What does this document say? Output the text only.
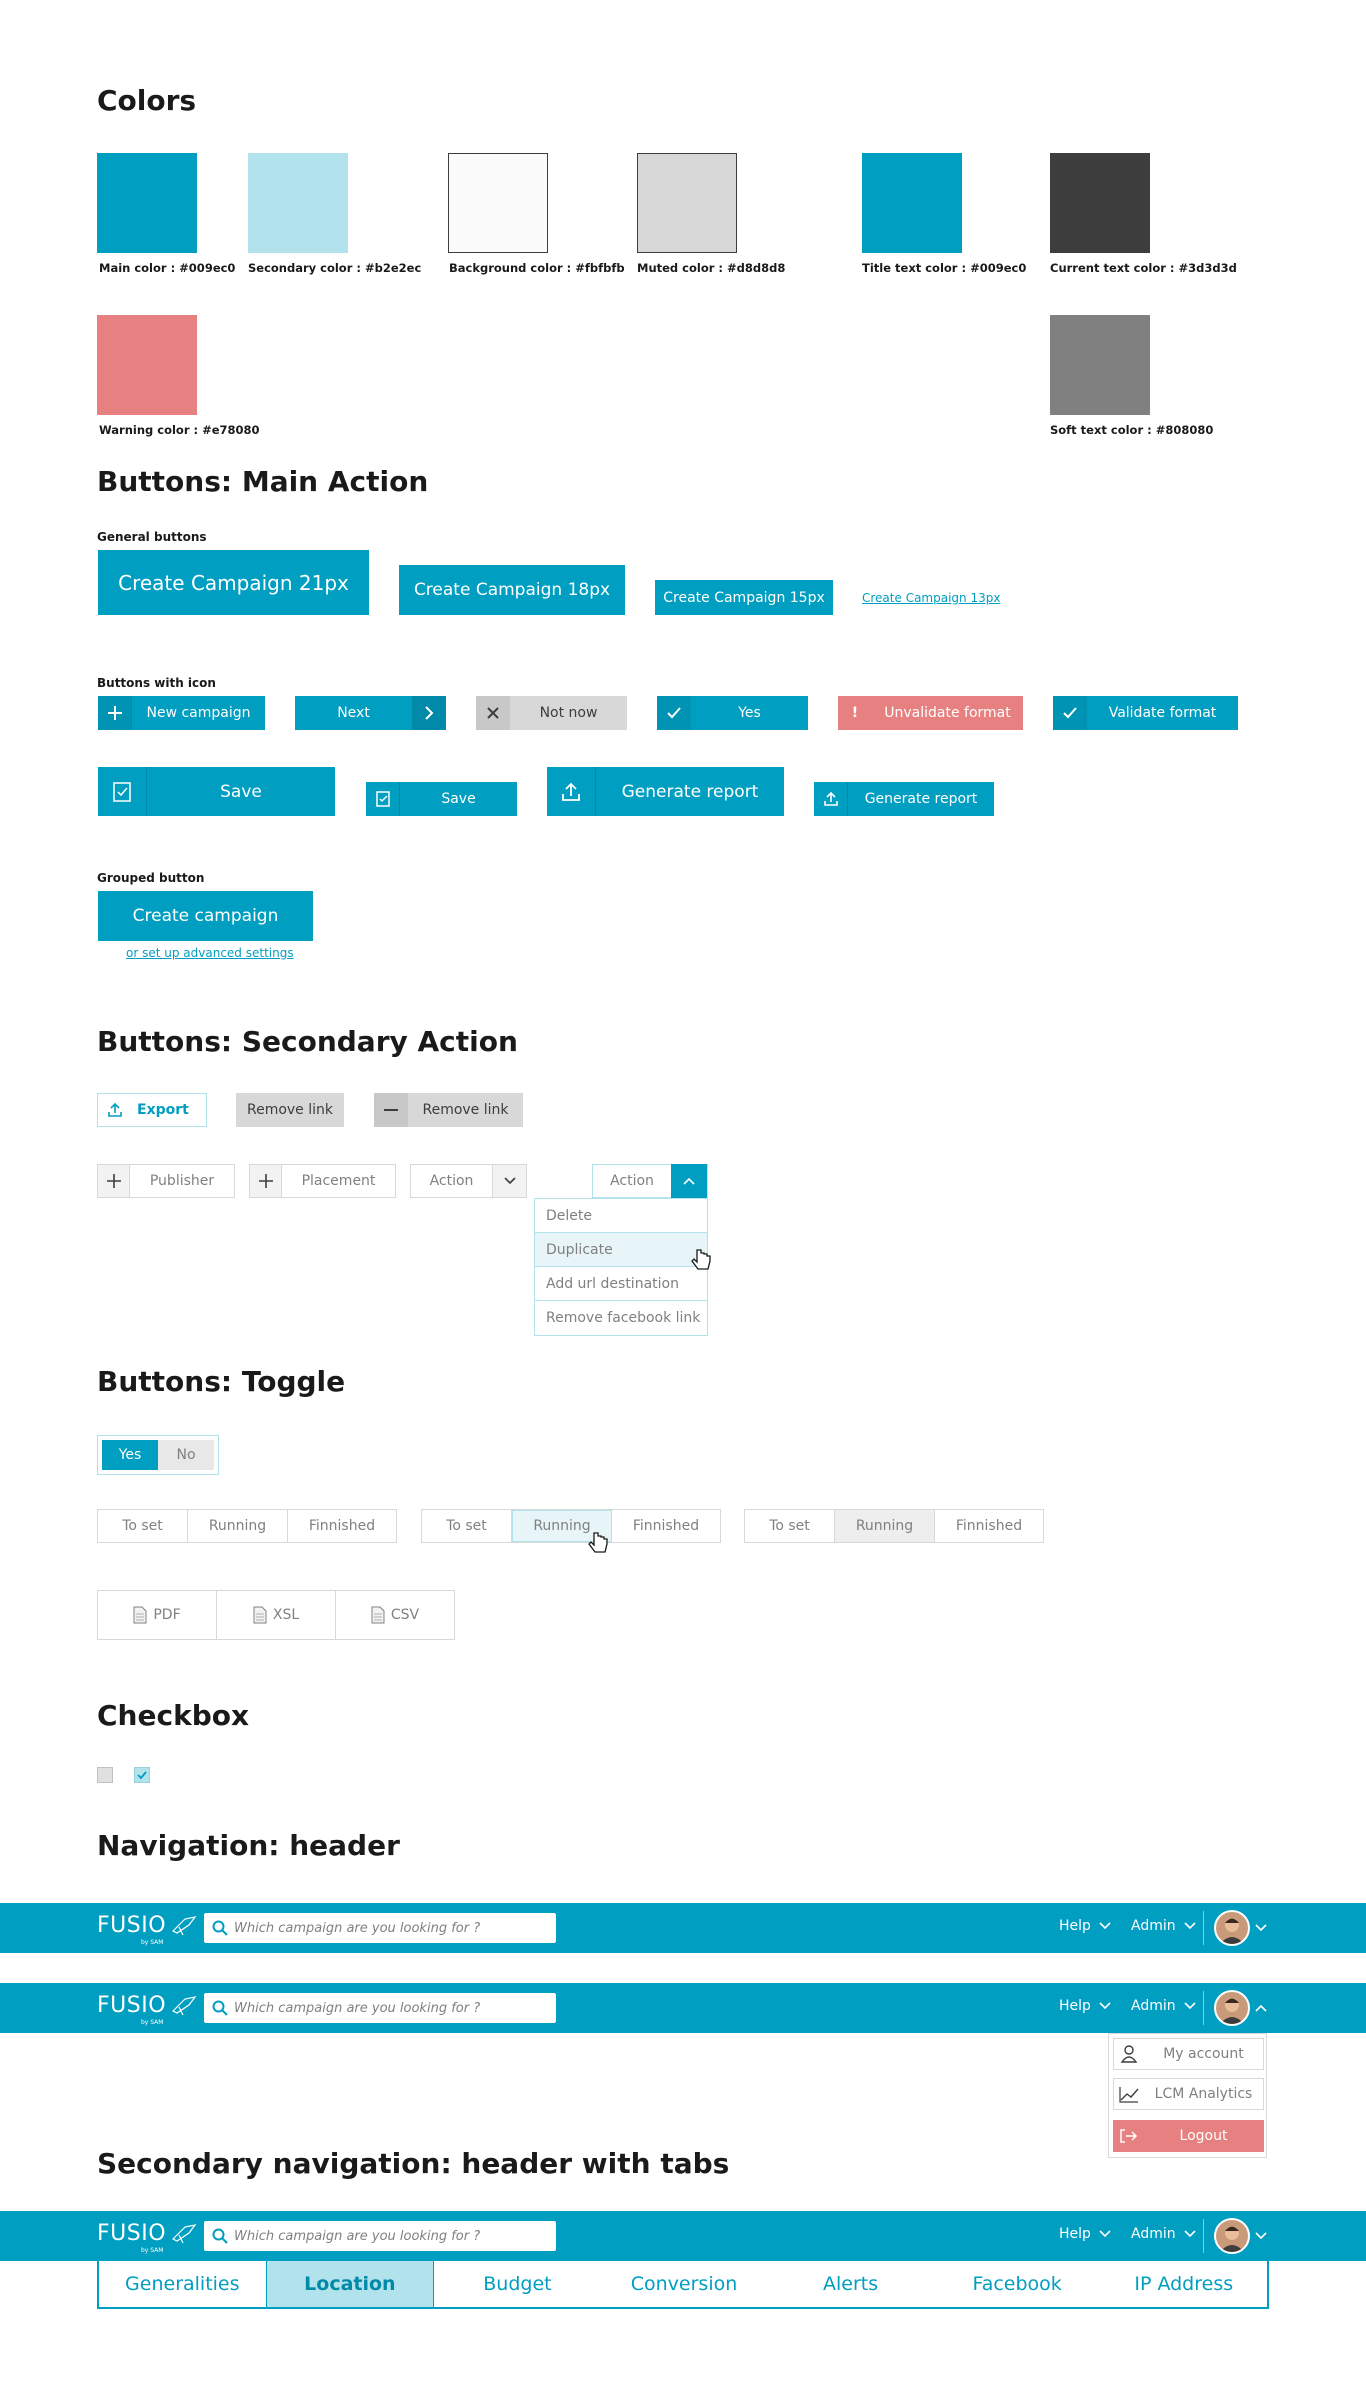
Colors
Main color : #009ec0 Secondary color : #b2e2ec Background color : #fbfbfb Muted color : #d8d8d8	Title text color : #009ec0 Current text color : #3d3d3d
Warning color : #e78080	Soft text color : #808080
Buttons: Main Action
General buttons
Create Campaign 21px	Create Campaign 18px	Create Campaign 15px	Create Campaign 13px
Buttons with icon
New campaign	Next	Not now	Yes	!	Unvalidate format	Validate format
Save	Save	Generate report	Generate report
Grouped button
Create campaign
or set up advanced settings
Buttons: Secondary Action
Export	Remove link	Remove link
Publisher	Placement	Action	Action
Delete
Duplicate
Add url destination
Remove facebook link
Buttons: Toggle
Yes	No
To set	Running	Finnished	To set	Running	Finnished	To set	Running	Finnished
PDF	XSL	CSV
Checkbox
Navigation: header
FUSIO
by SAM
Which campaign are you looking for ?	Help	Admin
FUSIO
by SAM
Which campaign are you looking for ?	Help	Admin
My account
LCM Analytics
Logout
Secondary navigation: header with tabs
FUSIO
by SAM
Which campaign are you looking for ?	Help	Admin
Generalities	Location	Budget	Conversion	Alerts	Facebook	IP Address
